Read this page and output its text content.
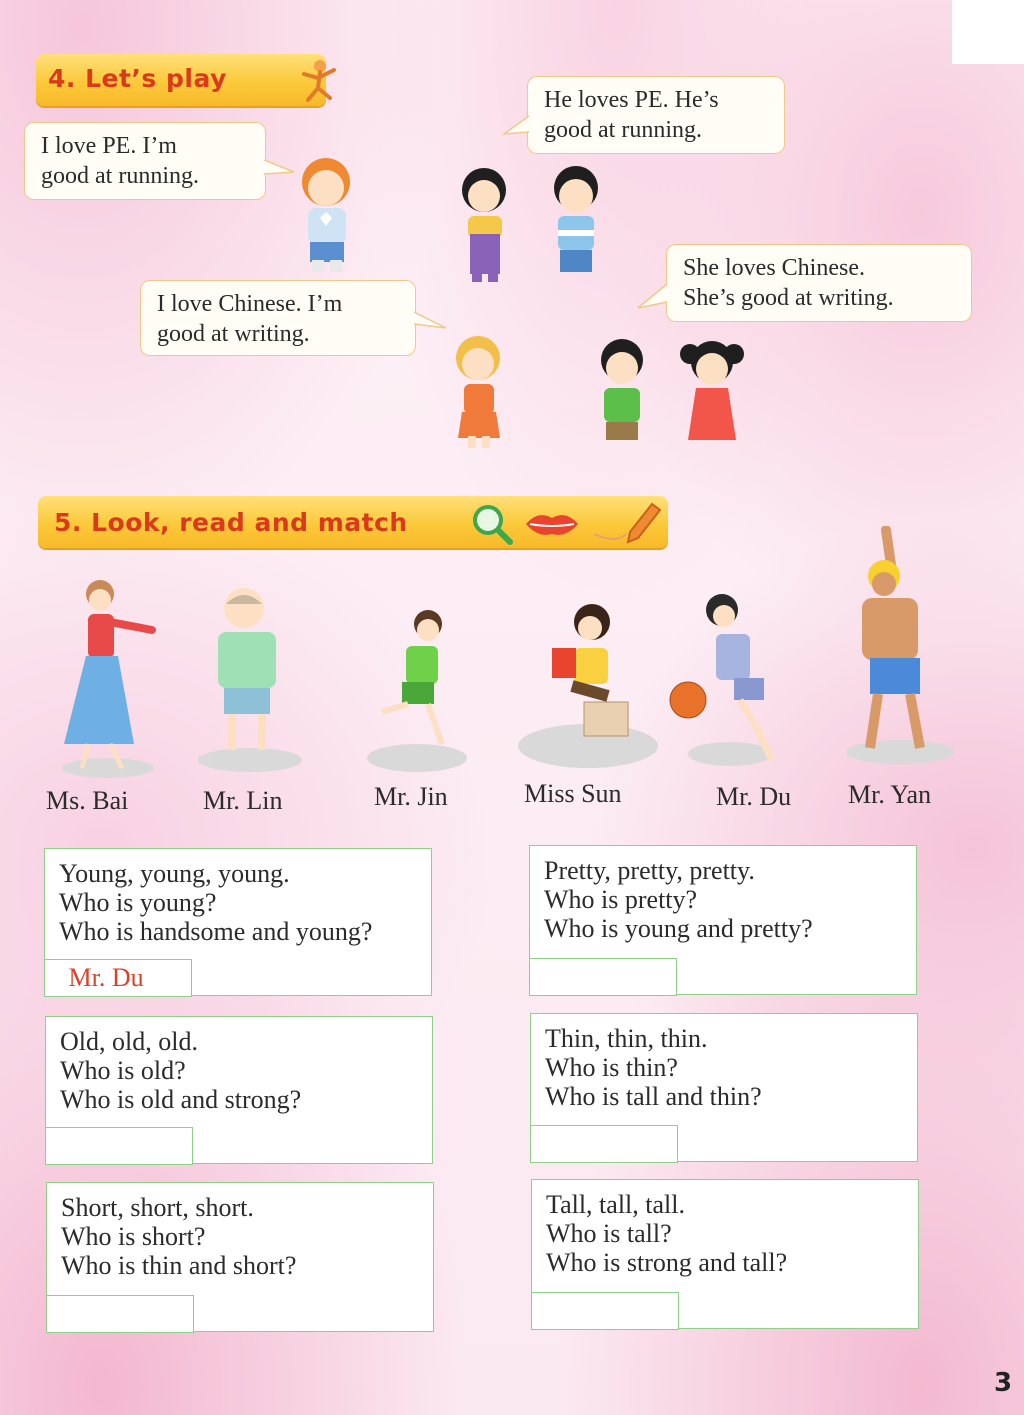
4. Let’s play
I love PE. I’m
good at running.
He loves PE. He’s
good at running.
I love Chinese. I’m
good at writing.
She loves Chinese.
She’s good at writing.
5. Look, read and match
Ms. Bai	Mr. Lin	Mr. Jin	Miss Sun	Mr. Du Mr. Yan
Young, young, young.
Who is young?
Who is handsome and young?
Mr. Du
Pretty, pretty, pretty.
Who is pretty?
Who is young and pretty?
Old, old, old.
Who is old?
Who is old and strong?
Thin, thin, thin.
Who is thin?
Who is tall and thin?
Short, short, short.
Who is short?
Who is thin and short?
Tall, tall, tall.
Who is tall?
Who is strong and tall?
3
